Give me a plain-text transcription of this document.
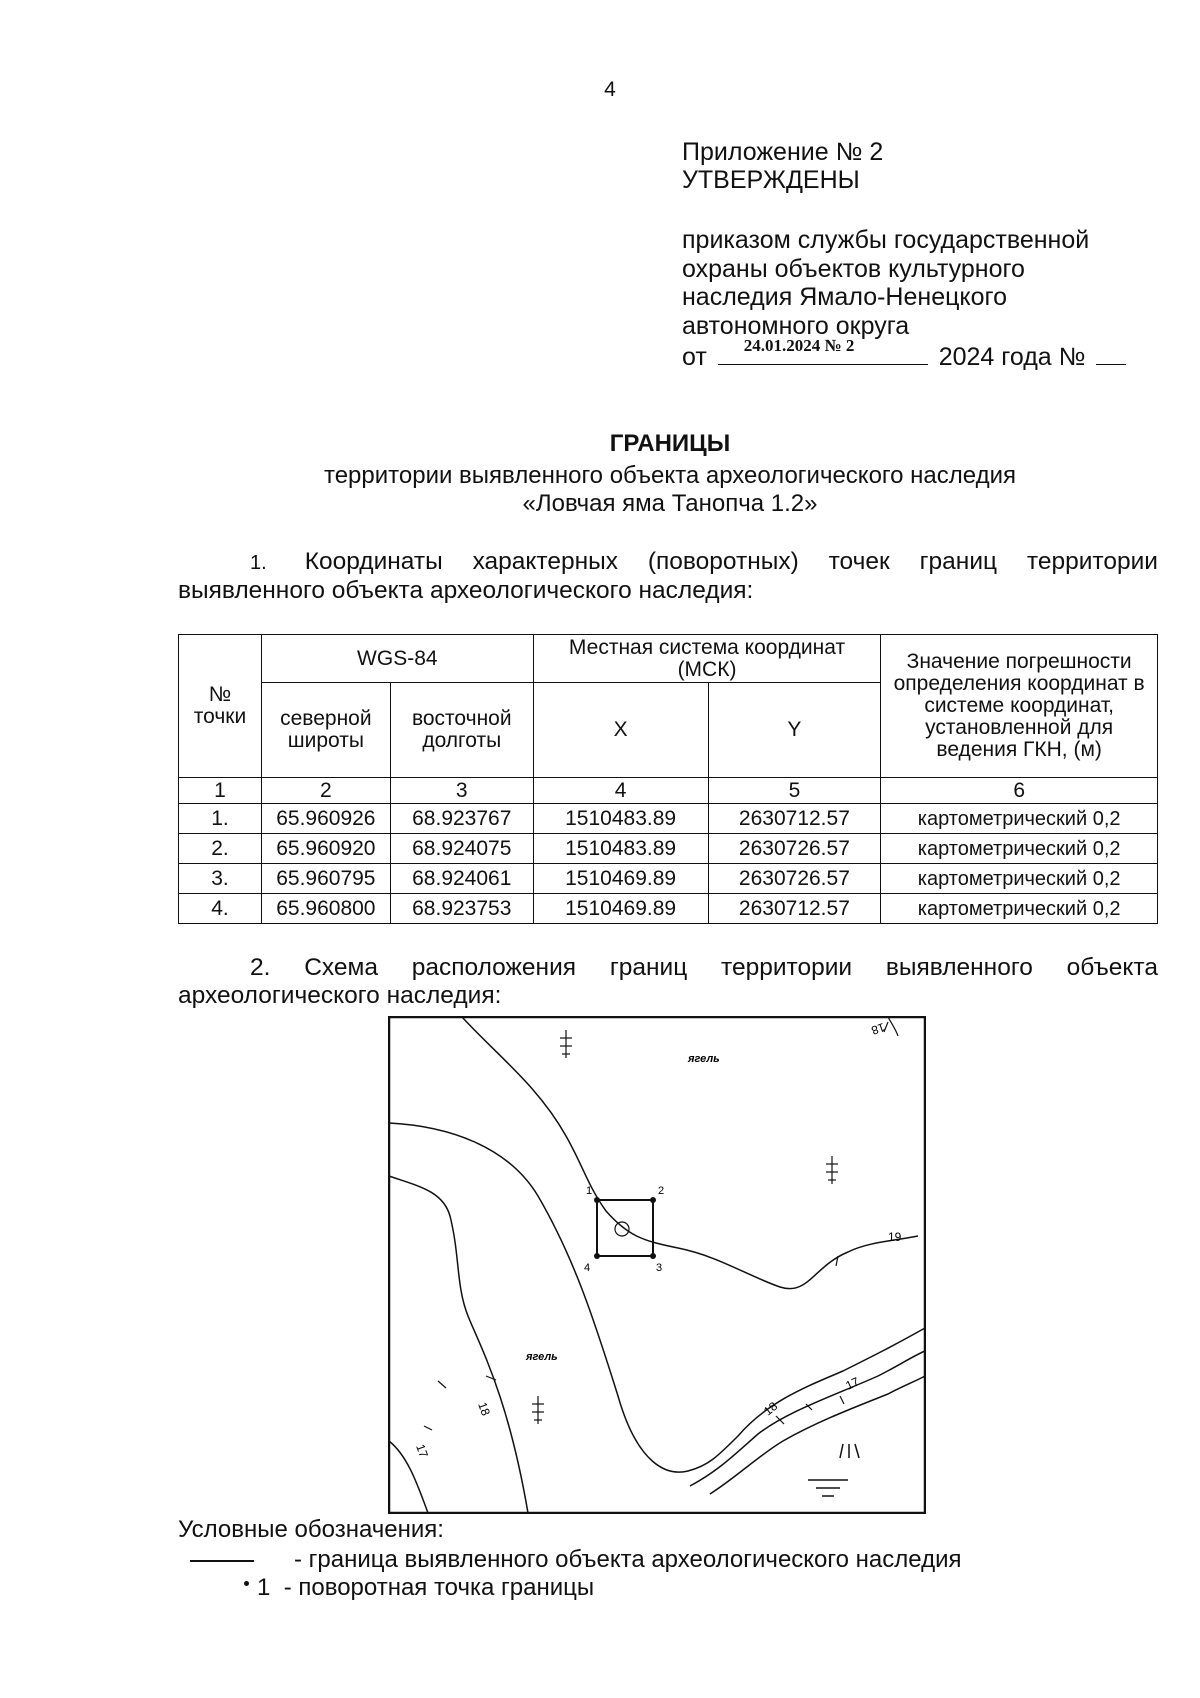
4
Приложение № 2
УТВЕРЖДЕНЫ
приказом службы государственной
охраны объектов культурного
наследия Ямало-Ненецкого
автономного округа
от 24.01.2024 № 2	2024 года №
ГРАНИЦЫ
территории выявленного объекта археологического наследия
«Ловчая яма Танопча 1.2»
1. Координаты характерных (поворотных) точек границ территории
выявленного объекта археологического наследия:
№ точки	WGS-84		Местная система координат (МСК)		Значение погрешности определения координат в системе координат, установленной для ведения ГКН, (м)
	северной широты	восточной долготы	X	Y	
1	2	3	4	5	6
1.	65.960926	68.923767	1510483.89	2630712.57	картометрический 0,2
2.	65.960920	68.924075	1510483.89	2630726.57	картометрический 0,2
3.	65.960795	68.924061	1510469.89	2630726.57	картометрический 0,2
4.	65.960800	68.923753	1510469.89	2630712.57	картометрический 0,2
2. Схема расположения границ территории выявленного объекта
археологического наследия:
1	2
3
4
ягель
ягель
19
18
17
18
17
18
Условные обозначения:
- граница выявленного объекта археологического наследия
1 - поворотная точка границы
